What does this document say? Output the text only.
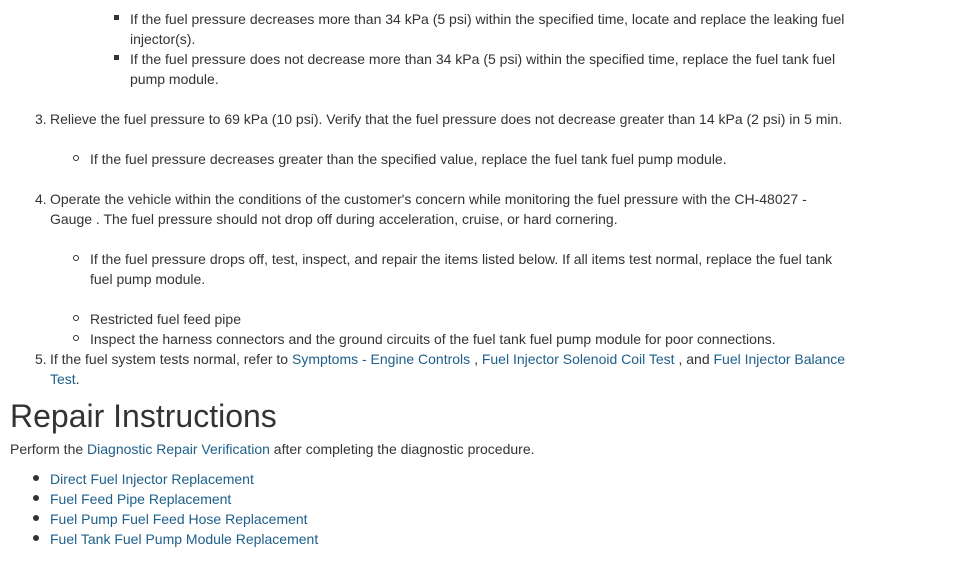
If the fuel pressure decreases more than 34 kPa (5 psi) within the specified time, locate and replace the leaking fuel
injector(s).
If the fuel pressure does not decrease more than 34 kPa (5 psi) within the specified time, replace the fuel tank fuel
pump module.
3. Relieve the fuel pressure to 69 kPa (10 psi). Verify that the fuel pressure does not decrease greater than 14 kPa (2 psi) in 5 min.
If the fuel pressure decreases greater than the specified value, replace the fuel tank fuel pump module.
4. Operate the vehicle within the conditions of the customer's concern while monitoring the fuel pressure with the CH-48027 -
Gauge . The fuel pressure should not drop off during acceleration, cruise, or hard cornering.
If the fuel pressure drops off, test, inspect, and repair the items listed below. If all items test normal, replace the fuel tank
fuel pump module.
Restricted fuel feed pipe
Inspect the harness connectors and the ground circuits of the fuel tank fuel pump module for poor connections.
5. If the fuel system tests normal, refer to Symptoms - Engine Controls , Fuel Injector Solenoid Coil Test , and Fuel Injector Balance
Test.
Repair Instructions
Perform the Diagnostic Repair Verification after completing the diagnostic procedure.
Direct Fuel Injector Replacement
Fuel Feed Pipe Replacement
Fuel Pump Fuel Feed Hose Replacement
Fuel Tank Fuel Pump Module Replacement
